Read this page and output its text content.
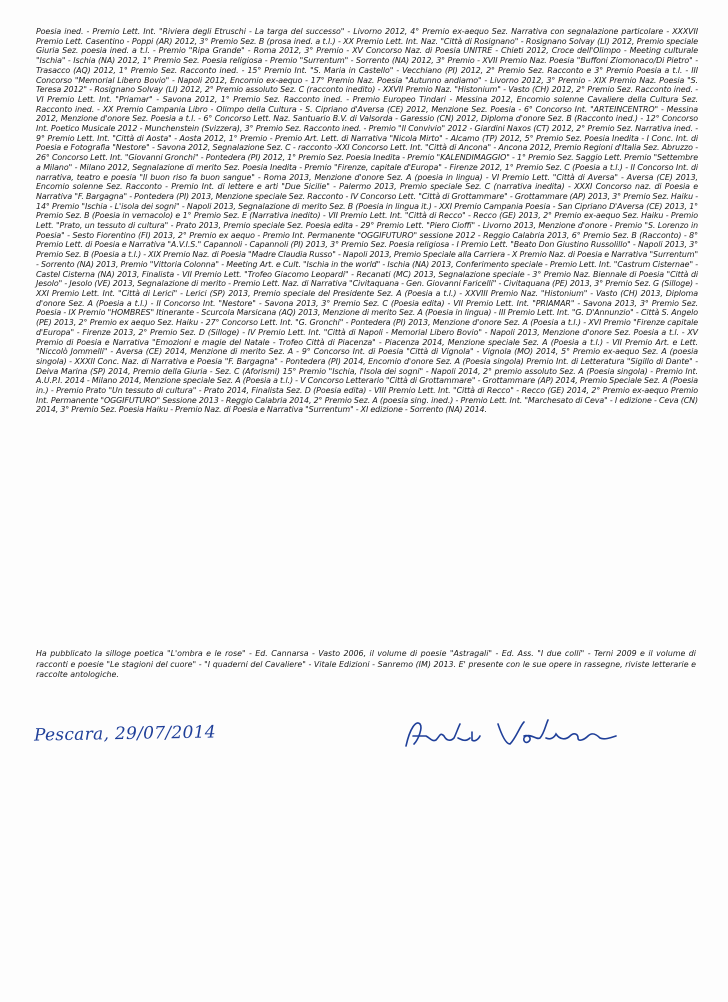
Poesia ined. - Premio Lett. Int. "Riviera degli Etruschi - La targa del successo" - Livorno 2012, 4° Premio ex-aequo Sez. Narrativa con segnalazione particolare - XXXVII Premio Lett. Casentino - Poppi (AR) 2012, 3° Premio Sez. B (prosa ined. a t.l.) - XX Premio Lett. Int. Naz. "Città di Rosignano" - Rosignano Solvay (LI) 2012, Premio speciale Giuria Sez. poesia ined. a t.l. - Premio "Ripa Grande" - Roma 2012, 3° Premio - XV Concorso Naz. di Poesia UNITRE - Chieti 2012, Croce dell'Olimpo - Meeting culturale "Ischia" - Ischia (NA) 2012, 1° Premio Sez. Poesia religiosa - Premio "Surrentum" - Sorrento (NA) 2012, 3° Premio - XVII Premio Naz. Poesia "Buffoni Ziomonaco/Di Pietro" - Trasacco (AQ) 2012, 1° Premio Sez. Racconto ined. - 15° Premio Int. "S. Maria in Castello" - Vecchiano (PI) 2012, 2° Premio Sez. Racconto e 3° Premio Poesia a t.l. - III Concorso "Memorial Libero Bovio" - Napoli 2012, Encomio ex-aequo - 17° Premio Naz. Poesia "Autunno andiamo" - Livorno 2012, 3° Premio - XIX Premio Naz. Poesia "S. Teresa 2012" - Rosignano Solvay (LI) 2012, 2° Premio assoluto Sez. C (racconto inedito) - XXVII Premio Naz. "Histonium" - Vasto (CH) 2012, 2° Premio Sez. Racconto ined. - VI Premio Lett. Int. "Priamar" - Savona 2012, 1° Premio Sez. Racconto ined. - Premio Europeo Tindari - Messina 2012, Encomio solenne Cavaliere della Cultura Sez. Racconto ined. - XX Premio Campania Libro - Olimpo della Cultura - S. Cipriano d'Aversa (CE) 2012, Menzione Sez. Poesia - 6° Concorso Int. "ARTEINCENTRO" - Messina 2012, Menzione d'onore Sez. Poesia a t.l. - 6° Concorso Lett. Naz. Santuario B.V. di Valsorda - Garessio (CN) 2012, Diploma d'onore Sez. B (Racconto ined.) - 12° Concorso Int. Poetico Musicale 2012 - Munchenstein (Svizzera), 3° Premio Sez. Racconto ined. - Premio "Il Convivio" 2012 - Giardini Naxos (CT) 2012, 2° Premio Sez. Narrativa ined. - 9° Premio Lett. Int. "Città di Aosta" - Aosta 2012, 1° Premio - Premio Art. Lett. di Narrativa "Nicola Mirto" - Alcamo (TP) 2012, 5° Premio Sez. Poesia Inedita - I Conc. Int. di Poesia e Fotografia "Nestore" - Savona 2012, Segnalazione Sez. C - racconto -XXI Concorso Lett. Int. "Città di Ancona" - Ancona 2012, Premio Regioni d'Italia Sez. Abruzzo - 26° Concorso Lett. Int. "Giovanni Gronchi" - Pontedera (PI) 2012, 1° Premio Sez. Poesia Inedita - Premio "KALENDIMAGGIO" - 1° Premio Sez. Saggio Lett. Premio "Settembre a Milano" - Milano 2012, Segnalazione di merito Sez. Poesia Inedita - Premio "Firenze, capitale d'Europa" - Firenze 2012, 1° Premio Sez. C (Poesia a t.l.) - II Concorso Int. di narrativa, teatro e poesia "Il buon riso fa buon sangue" - Roma 2013, Menzione d'onore Sez. A (poesia in lingua) - VI Premio Lett. "Città di Aversa" - Aversa (CE) 2013, Encomio solenne Sez. Racconto - Premio Int. di lettere e arti "Due Sicilie" - Palermo 2013, Premio speciale Sez. C (narrativa inedita) - XXXI Concorso naz. di Poesia e Narrativa "F. Bargagna" - Pontedera (PI) 2013, Menzione speciale Sez. Racconto - IV Concorso Lett. "Città di Grottammare" - Grottammare (AP) 2013, 3° Premio Sez. Haiku - 14° Premio "Ischia - L'isola dei sogni" - Napoli 2013, Segnalazione di merito Sez. B (Poesia in lingua it.) - XXI Premio Campania Poesia - San Cipriano D'Aversa (CE) 2013, 1° Premio Sez. B (Poesia in vernacolo) e 1° Premio Sez. E (Narrativa inedito) - VII Premio Lett. Int. "Città di Recco" - Recco (GE) 2013, 2° Premio ex-aequo Sez. Haiku - Premio Lett. "Prato, un tessuto di cultura" - Prato 2013, Premio speciale Sez. Poesia edita - 29° Premio Lett. "Piero Cioffi" - Livorno 2013, Menzione d'onore - Premio "S. Lorenzo in Poesia" - Sesto Fiorentino (FI) 2013, 2° Premio ex aequo - Premio Int. Permanente "OGGIFUTURO" sessione 2012 - Reggio Calabria 2013, 6° Premio Sez. B (Racconto) - 8° Premio Lett. di Poesia e Narrativa "A.V.I.S." Capannoli - Capannoli (PI) 2013, 3° Premio Sez. Poesia religiosa - I Premio Lett. "Beato Don Giustino Russolillo" - Napoli 2013, 3° Premio Sez. B (Poesia a t.l.) - XIX Premio Naz. di Poesia "Madre Claudia Russo" - Napoli 2013, Premio Speciale alla Carriera - X Premio Naz. di Poesia e Narrativa "Surrentum" - Sorrento (NA) 2013, Premio "Vittoria Colonna" - Meeting Art. e Cult. "Ischia in the world" - Ischia (NA) 2013, Conferimento speciale - Premio Lett. Int. "Castrum Cisternae" - Castel Cisterna (NA) 2013, Finalista - VII Premio Lett. "Trofeo Giacomo Leopardi" - Recanati (MC) 2013, Segnalazione speciale - 3° Premio Naz. Biennale di Poesia "Città di Jesolo" - Jesolo (VE) 2013, Segnalazione di merito - Premio Lett. Naz. di Narrativa "Civitaquana - Gen. Giovanni Faricelli" - Civitaquana (PE) 2013, 3° Premio Sez. G (Silloge) - XXI Premio Lett. Int. "Città di Lerici" - Lerici (SP) 2013, Premio speciale del Presidente Sez. A (Poesia a t.l.) - XXVIII Premio Naz. "Histonium" - Vasto (CH) 2013, Diploma d'onore Sez. A (Poesia a t.l.) - II Concorso Int. "Nestore" - Savona 2013, 3° Premio Sez. C (Poesia edita) - VII Premio Lett. Int. "PRIAMAR" - Savona 2013, 3° Premio Sez. Poesia - IX Premio "HOMBRES" Itinerante - Scurcola Marsicana (AQ) 2013, Menzione di merito Sez. A (Poesia in lingua) - III Premio Lett. Int. "G. D'Annunzio" - Città S. Angelo (PE) 2013, 2° Premio ex aequo Sez. Haiku - 27° Concorso Lett. Int. "G. Gronchi" - Pontedera (PI) 2013, Menzione d'onore Sez. A (Poesia a t.l.) - XVI Premio "Firenze capitale d'Europa" - Firenze 2013, 2° Premio Sez. D (Silloge) - IV Premio Lett. Int. "Città di Napoli - Memorial Libero Bovio" - Napoli 2013, Menzione d'onore Sez. Poesia a t.l. - XV Premio di Poesia e Narrativa "Emozioni e magie del Natale - Trofeo Città di Piacenza" - Piacenza 2014, Menzione speciale Sez. A (Poesia a t.l.) - VII Premio Art. e Lett. "Niccolò Jommelli" - Aversa (CE) 2014, Menzione di merito Sez. A - 9° Concorso Int. di Poesia "Città di Vignola" - Vignola (MO) 2014, 5° Premio ex-aequo Sez. A (poesia singola) - XXXII Conc. Naz. di Narrativa e Poesia "F. Bargagna" - Pontedera (PI) 2014, Encomio d'onore Sez. A (Poesia singola) Premio Int. di Letteratura "Sigillo di Dante" - Deiva Marina (SP) 2014, Premio della Giuria - Sez. C (Aforismi) 15° Premio "Ischia, l'Isola dei sogni" - Napoli 2014, 2° premio assoluto Sez. A (Poesia singola) - Premio Int. A.U.P.I. 2014 - Milano 2014, Menzione speciale Sez. A (Poesia a t.l.) - V Concorso Letterario "Città di Grottammare" - Grottammare (AP) 2014, Premio Speciale Sez. A (Poesia in.) - Premio Prato "Un tessuto di cultura" - Prato 2014, Finalista Sez. D (Poesia edita) - VIII Premio Lett. Int. "Città di Recco" - Recco (GE) 2014, 2° Premio ex-aequo Premio Int. Permanente "OGGIFUTURO" Sessione 2013 - Reggio Calabria 2014, 2° Premio Sez. A (poesia sing. ined.) - Premio Lett. Int. "Marchesato di Ceva" - I edizione - Ceva (CN) 2014, 3° Premio Sez. Poesia Haiku - Premio Naz. di Poesia e Narrativa "Surrentum" - XI edizione - Sorrento (NA) 2014.
Ha pubblicato la silloge poetica "L'ombra e le rose" - Ed. Cannarsa - Vasto 2006, il volume di poesie "Astragali" - Ed. Ass. "I due colli" - Terni 2009 e il volume di racconti e poesie "Le stagioni del cuore" - "I quaderni del Cavaliere" - Vitale Edizioni - Sanremo (IM) 2013. E' presente con le sue opere in rassegne, riviste letterarie e raccolte antologiche.
Pescara, 29/07/2014
